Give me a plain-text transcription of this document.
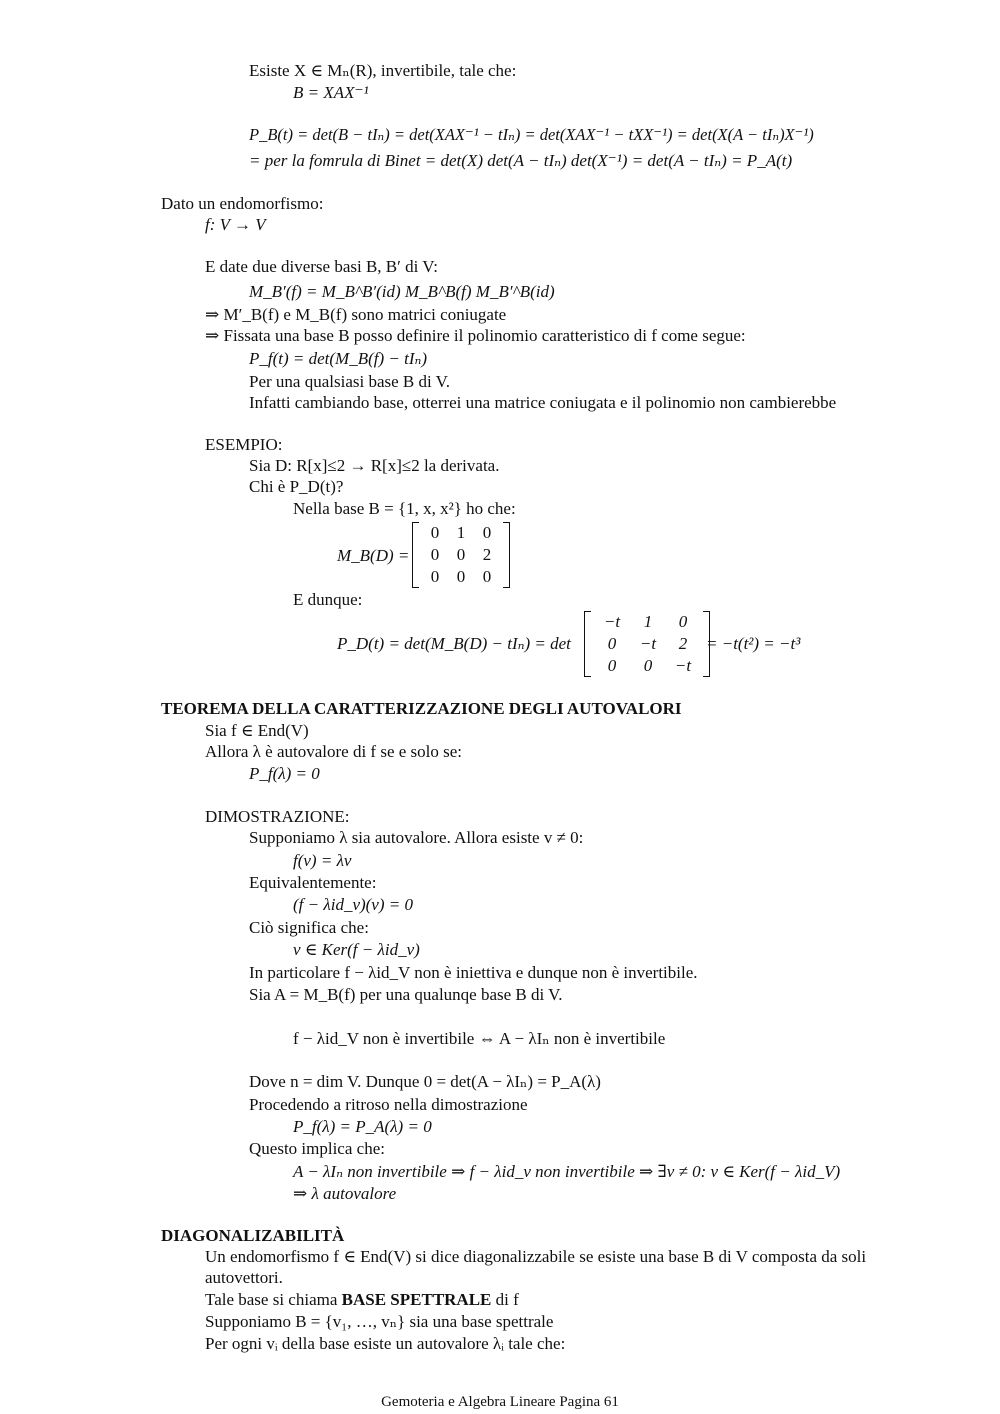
Esiste X ∈ Mₙ(R), invertibile, tale che:
B = XAX⁻¹
P_B(t) = det(B − tIₙ) = det(XAX⁻¹ − tIₙ) = det(XAX⁻¹ − tXX⁻¹) = det(X(A − tIₙ)X⁻¹)
= per la fomrula di Binet = det(X) det(A − tIₙ) det(X⁻¹) = det(A − tIₙ) = P_A(t)
Dato un endomorfismo:
f: V → V
E date due diverse basi B, B′ di V:
M_B′(f) = M_B^B′(id) M_B^B(f) M_B′^B(id)
⇒ M′_B(f) e M_B(f) sono matrici coniugate
⇒ Fissata una base B posso definire il polinomio caratteristico di f come segue:
P_f(t) = det(M_B(f) − tIₙ)
Per una qualsiasi base B di V.
Infatti cambiando base, otterrei una matrice coniugata e il polinomio non cambierebbe
ESEMPIO:
Sia D: R[x]≤2 → R[x]≤2 la derivata.
Chi è P_D(t)?
Nella base B = {1, x, x²} ho che:
M_B(D) =
0	1	0
0	0	2
0	0	0
E dunque:
P_D(t) = det(M_B(D) − tIₙ) = det
−t	1	0
0	−t	2
0	0	−t
= −t(t²) = −t³
TEOREMA DELLA CARATTERIZZAZIONE DEGLI AUTOVALORI
Sia f ∈ End(V)
Allora λ è autovalore di f se e solo se:
P_f(λ) = 0
DIMOSTRAZIONE:
Supponiamo λ sia autovalore. Allora esiste v ≠ 0:
f(v) = λv
Equivalentemente:
(f − λid_v)(v) = 0
Ciò significa che:
v ∈ Ker(f − λid_v)
In particolare f − λid_V non è iniettiva e dunque non è invertibile.
Sia A = M_B(f) per una qualunqe base B di V.
f − λid_V non è invertibile ⇔ A − λIₙ non è invertibile
Dove n = dim V. Dunque 0 = det(A − λIₙ) = P_A(λ)
Procedendo a ritroso nella dimostrazione
P_f(λ) = P_A(λ) = 0
Questo implica che:
A − λIₙ non invertibile ⇒ f − λid_v non invertibile ⇒ ∃v ≠ 0: v ∈ Ker(f − λid_V)
⇒ λ autovalore
DIAGONALIZABILITÀ
Un endomorfismo f ∈ End(V) si dice diagonalizzabile se esiste una base B di V composta da soli
autovettori.
Tale base si chiama BASE SPETTRALE di f
Supponiamo B = {v₁, …, vₙ} sia una base spettrale
Per ogni vᵢ della base esiste un autovalore λᵢ tale che:
Gemoteria e Algebra Lineare Pagina 61
